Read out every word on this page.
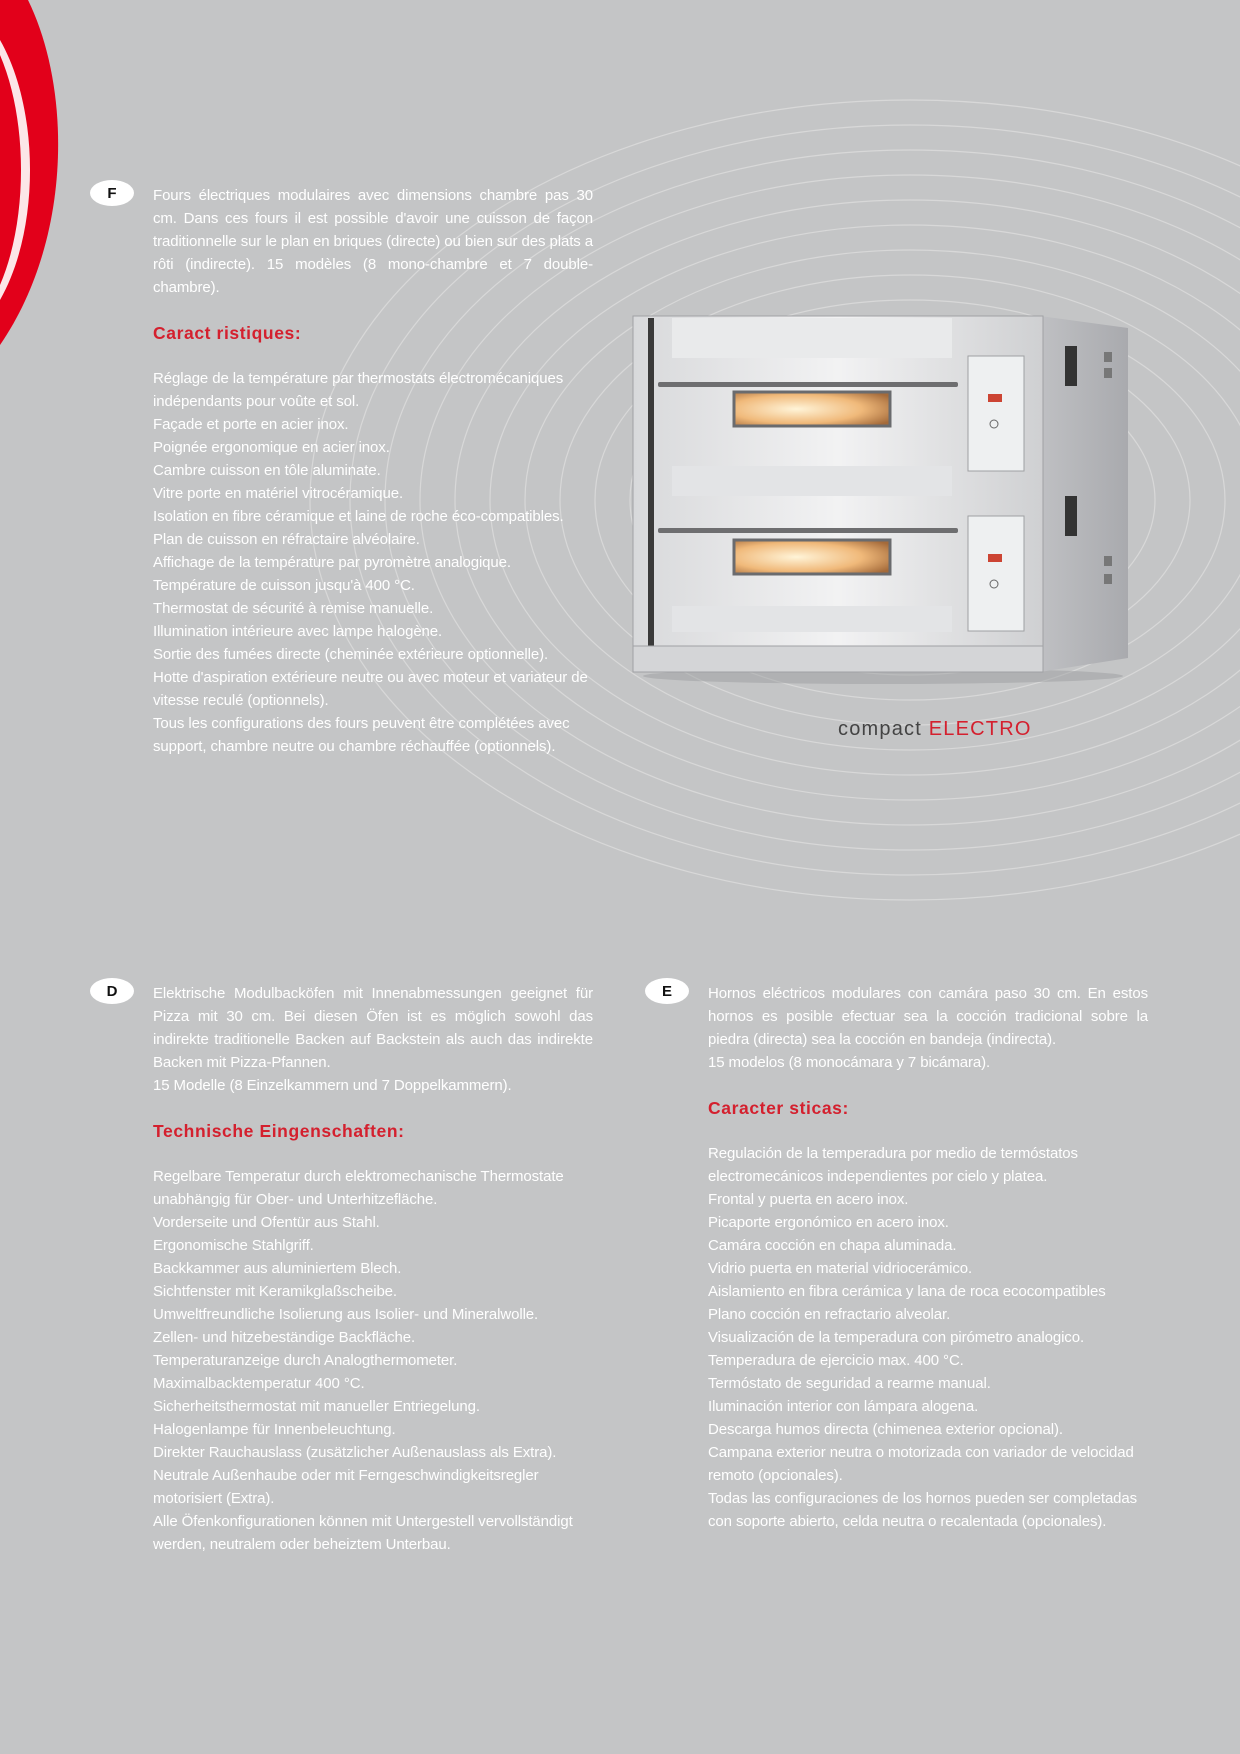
compact ELECTRO
F	Fours électriques modulaires avec dimensions chambre pas 30 cm. Dans ces fours il est possible d'avoir une cuisson de façon traditionnelle sur le plan en briques (directe) ou bien sur des plats a rôti (indirecte). 15 modèles (8 mono-chambre et 7 double-chambre).

Caract ristiques:
Réglage de la température par thermostats électromécaniques indépendants pour voûte et sol.
Façade et porte en acier inox.
Poignée ergonomique en acier inox.
Cambre cuisson en tôle aluminate.
Vitre porte en matériel vitrocéramique.
Isolation en fibre céramique et laine de roche éco-compatibles.
Plan de cuisson en réfractaire alvéolaire.
Affichage de la température par pyromètre analogique.
Température de cuisson jusqu'à 400 °C.
Thermostat de sécurité à remise manuelle.
Illumination intérieure avec lampe halogène.
Sortie des fumées directe (cheminée extérieure optionnelle).
Hotte d'aspiration extérieure neutre ou avec moteur et variateur de vitesse reculé (optionnels).
Tous les configurations des fours peuvent être complétées avec support, chambre neutre ou chambre réchauffée (optionnels).
D	Elektrische Modulbacköfen mit Innenabmessungen geeignet für Pizza mit 30 cm. Bei diesen Öfen ist es möglich sowohl das indirekte traditionelle Backen auf Backstein als auch das indirekte Backen mit Pizza-Pfannen.

15 Modelle (8 Einzelkammern und 7 Doppelkammern).

Technische Eingenschaften:
Regelbare Temperatur durch elektromechanische Thermostate unabhängig für Ober- und Unterhitzefläche.
Vorderseite und Ofentür aus Stahl.
Ergonomische Stahlgriff.
Backkammer aus aluminiertem Blech.
Sichtfenster mit Keramikglaßscheibe.
Umweltfreundliche Isolierung aus Isolier- und Mineralwolle.
Zellen- und hitzebeständige Backfläche.
Temperaturanzeige durch Analogthermometer.
Maximalbacktemperatur 400 °C.
Sicherheitsthermostat mit manueller Entriegelung.
Halogenlampe für Innenbeleuchtung.
Direkter Rauchauslass (zusätzlicher Außenauslass als Extra).
Neutrale Außenhaube oder mit Ferngeschwindigkeitsregler motorisiert (Extra).
Alle Öfenkonfigurationen können mit Untergestell vervollständigt werden, neutralem oder beheiztem Unterbau.
E	Hornos eléctricos modulares con camára paso 30 cm. En estos hornos es posible efectuar sea la cocción tradicional sobre la piedra (directa) sea la cocción en bandeja (indirecta).

15 modelos (8 monocámara y 7 bicámara).

Caracter sticas:
Regulación de la temperadura por medio de termóstatos electromecánicos independientes por cielo y platea.
Frontal y puerta en acero inox.
Picaporte ergonómico en acero inox.
Camára cocción en chapa aluminada.
Vidrio puerta en material vidriocerámico.
Aislamiento en fibra cerámica y lana de roca ecocompatibles
Plano cocción en refractario alveolar.
Visualización de la temperadura con pirómetro analogico.
Temperadura de ejercicio max. 400 °C.
Termóstato de seguridad a rearme manual.
Iluminación interior con lámpara alogena.
Descarga humos directa (chimenea exterior opcional).
Campana exterior neutra o motorizada con variador de velocidad remoto (opcionales).
Todas las configuraciones de los hornos pueden ser completadas con soporte abierto, celda neutra o recalentada (opcionales).
